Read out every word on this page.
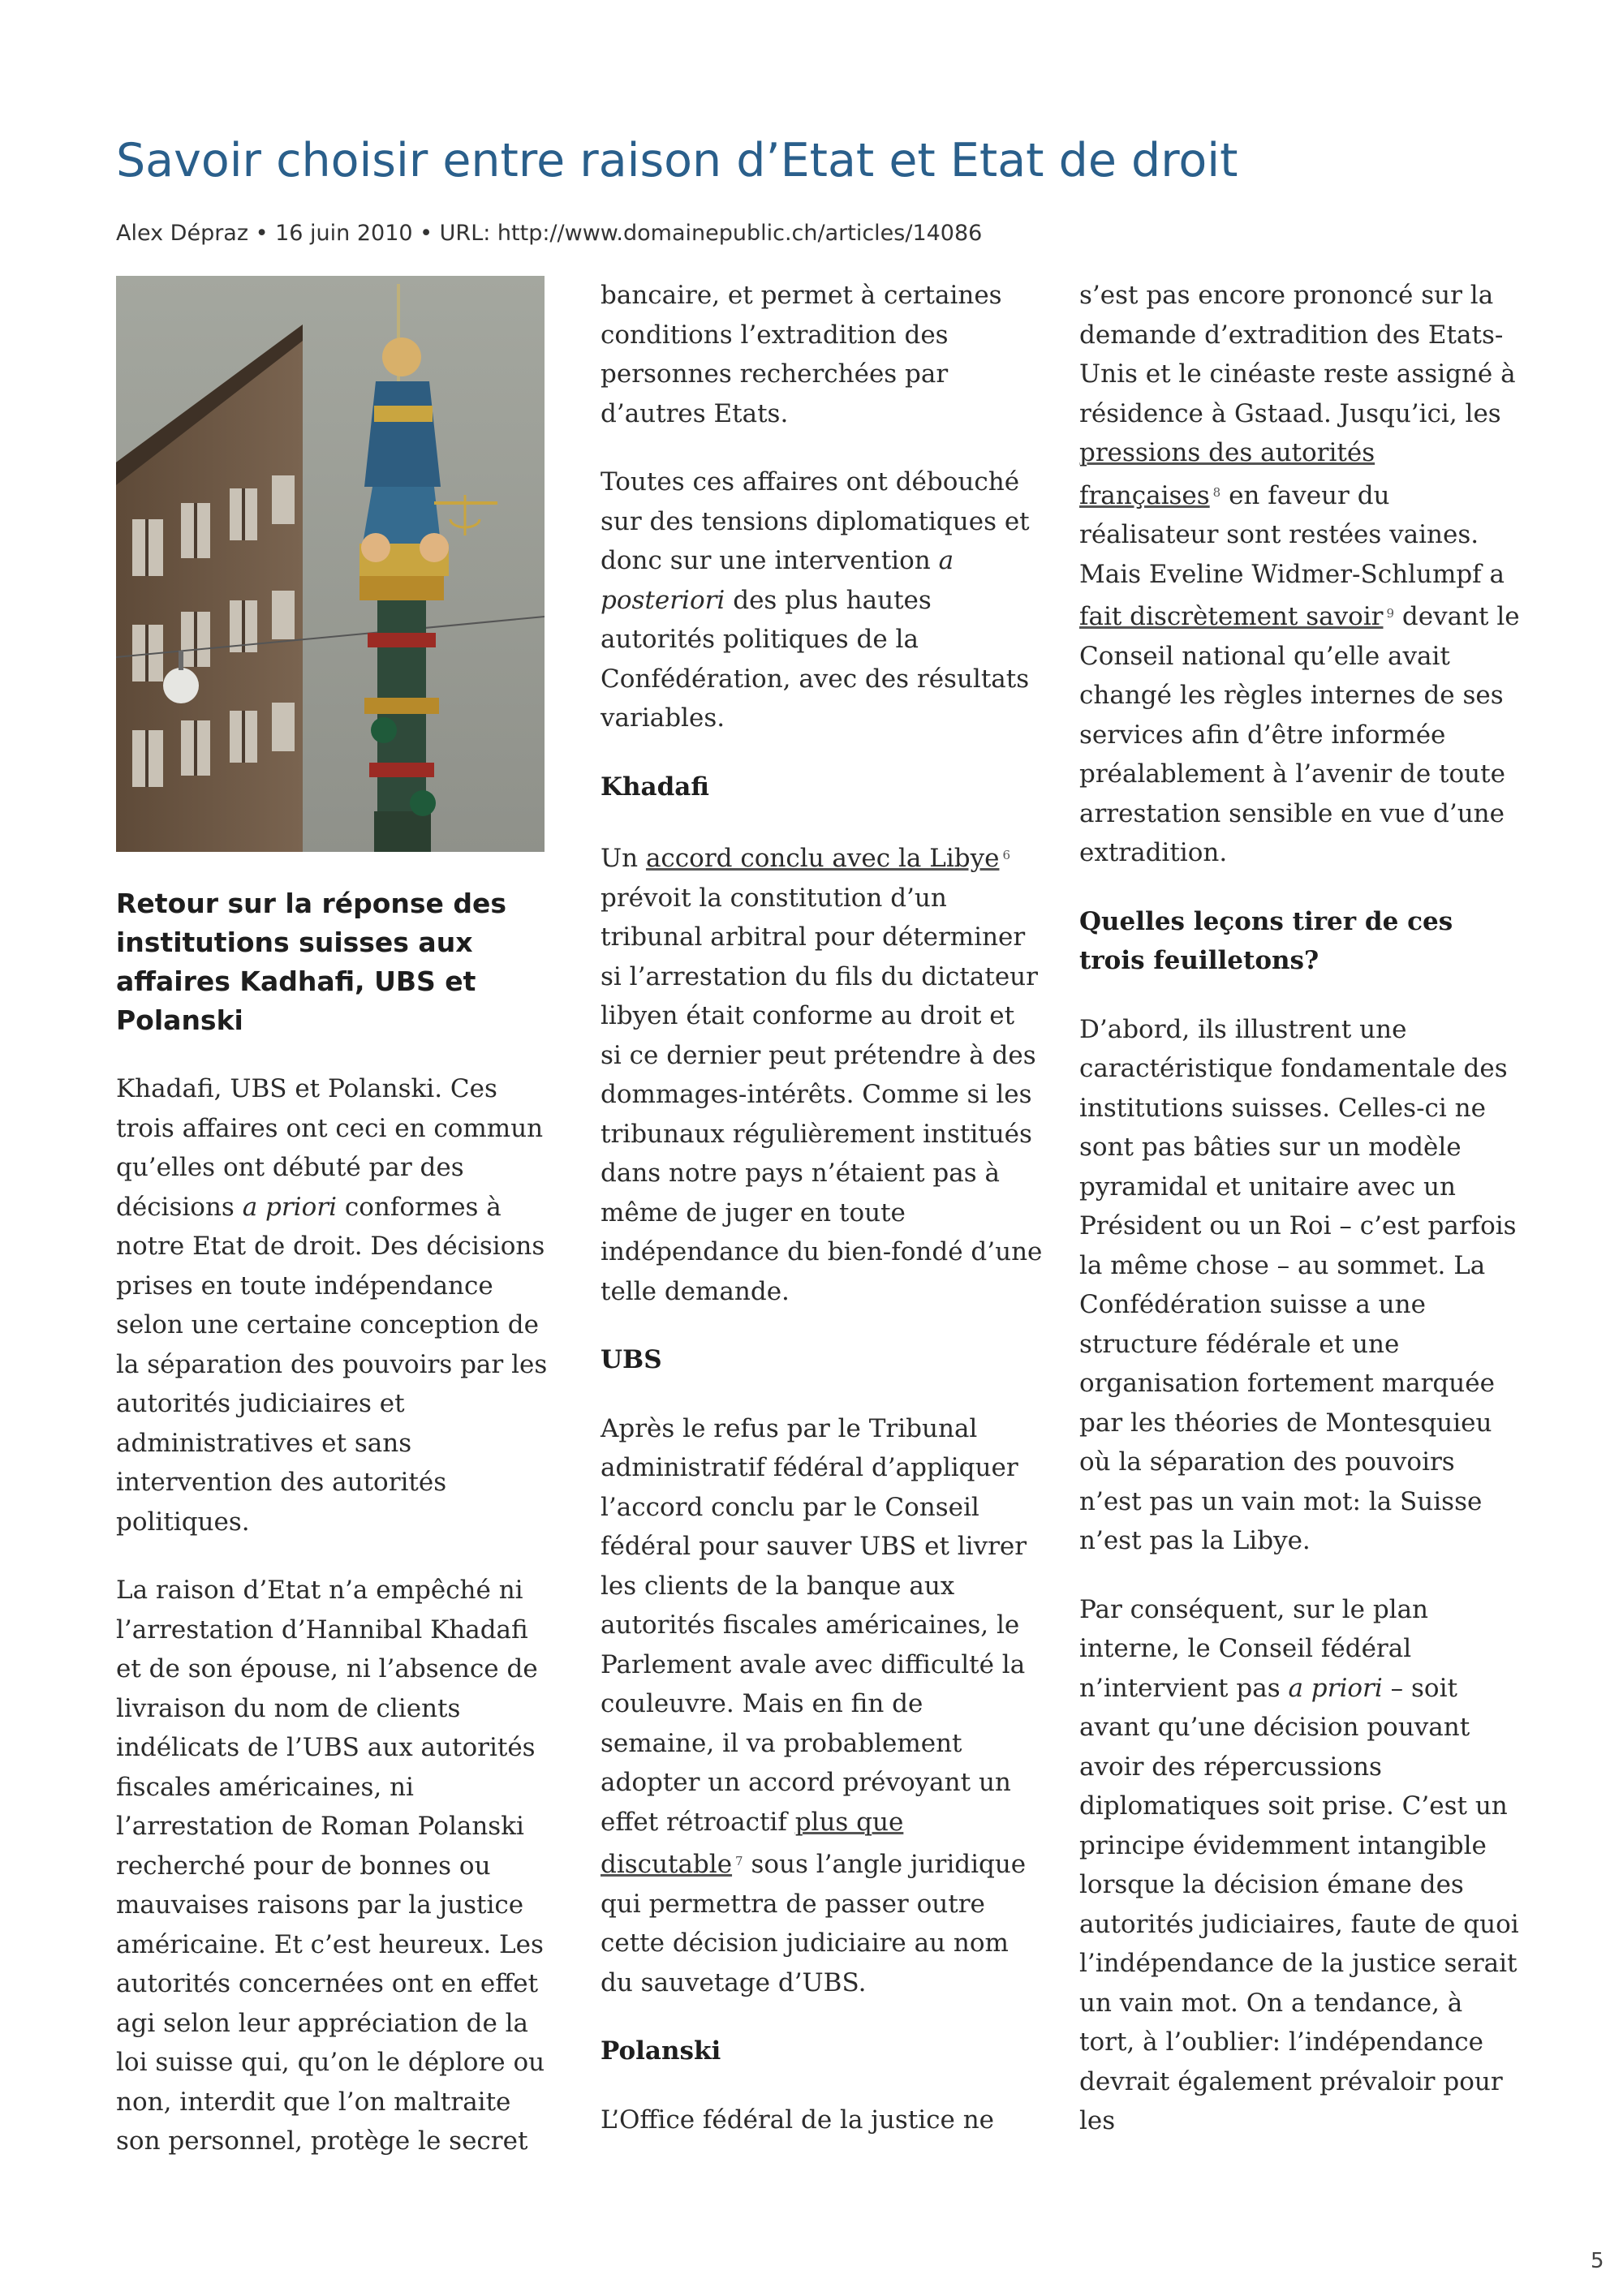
Savoir choisir entre raison d’Etat et Etat de droit
Alex Dépraz • 16 juin 2010 • URL: http://www.domainepublic.ch/articles/14086

Retour sur la réponse des institutions suisses aux affaires Kadhafi, UBS et Polanski

Khadafi, UBS et Polanski. Ces trois affaires ont ceci en commun qu’elles ont débuté par des décisions a priori conformes à notre Etat de droit. Des décisions prises en toute indépendance selon une certaine conception de la séparation des pouvoirs par les autorités judiciaires et administratives et sans intervention des autorités politiques.

La raison d’Etat n’a empêché ni l’arrestation d’Hannibal Khadafi et de son épouse, ni l’absence de livraison du nom de clients indélicats de l’UBS aux autorités fiscales américaines, ni l’arrestation de Roman Polanski recherché pour de bonnes ou mauvaises raisons par la justice américaine. Et c’est heureux. Les autorités concernées ont en effet agi selon leur appréciation de la loi suisse qui, qu’on le déplore ou non, interdit que l’on maltraite son personnel, protège le secret

bancaire, et permet à certaines conditions l’extradition des personnes recherchées par d’autres Etats.

Toutes ces affaires ont débouché sur des tensions diplomatiques et donc sur une intervention a posteriori des plus hautes autorités politiques de la Confédération, avec des résultats variables.

Khadafi

Un accord conclu avec la Libye $^6$ prévoit la constitution d’un tribunal arbitral pour déterminer si l’arrestation du fils du dictateur libyen était conforme au droit et si ce dernier peut prétendre à des dommages-intérêts. Comme si les tribunaux régulièrement institués dans notre pays n’étaient pas à même de juger en toute indépendance du bien-fondé d’une telle demande.

UBS

Après le refus par le Tribunal administratif fédéral d’appliquer l’accord conclu par le Conseil fédéral pour sauver UBS et livrer les clients de la banque aux autorités fiscales américaines, le Parlement avale avec difficulté la couleuvre. Mais en fin de semaine, il va probablement adopter un accord prévoyant un effet rétroactif plus que discutable $^7$ sous l’angle juridique qui permettra de passer outre cette décision judiciaire au nom du sauvetage d’UBS.

Polanski

L’Office fédéral de la justice ne

s’est pas encore prononcé sur la demande d’extradition des Etats-Unis et le cinéaste reste assigné à résidence à Gstaad. Jusqu’ici, les pressions des autorités françaises $^8$ en faveur du réalisateur sont restées vaines. Mais Eveline Widmer-Schlumpf a fait discrètement savoir $^9$ devant le Conseil national qu’elle avait changé les règles internes de ses services afin d’être informée préalablement à l’avenir de toute arrestation sensible en vue d’une extradition.

Quelles leçons tirer de ces trois feuilletons?

D’abord, ils illustrent une caractéristique fondamentale des institutions suisses. Celles-ci ne sont pas bâties sur un modèle pyramidal et unitaire avec un Président ou un Roi – c’est parfois la même chose – au sommet. La Confédération suisse a une structure fédérale et une organisation fortement marquée par les théories de Montesquieu où la séparation des pouvoirs n’est pas un vain mot: la Suisse n’est pas la Libye.

Par conséquent, sur le plan interne, le Conseil fédéral n’intervient pas a priori – soit avant qu’une décision pouvant avoir des répercussions diplomatiques soit prise. C’est un principe évidemment intangible lorsque la décision émane des autorités judiciaires, faute de quoi l’indépendance de la justice serait un vain mot. On a tendance, à tort, à l’oublier: l’indépendance devrait également prévaloir pour les

5
